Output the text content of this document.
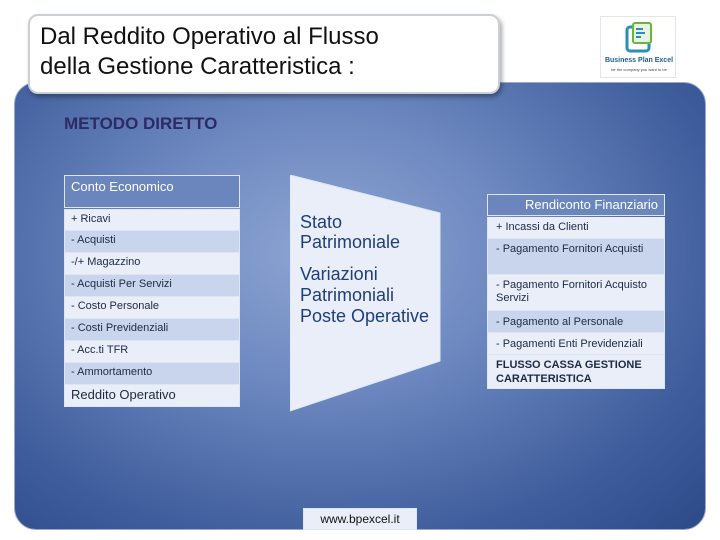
Dal Reddito Operativo al Flusso
della Gestione Caratteristica :	Business Plan Excel
be the company you want to be
METODO DIRETTO
Conto Economico
+ Ricavi
- Acquisti
-/+ Magazzino
- Acquisti Per Servizi
- Costo Personale
- Costi Previdenziali
- Acc.ti TFR
- Ammortamento
Reddito Operativo
Stato Patrimoniale
Variazioni Patrimoniali Poste Operative
Rendiconto Finanziario
+ Incassi da Clienti
- Pagamento Fornitori Acquisti
- Pagamento Fornitori Acquisto Servizi
- Pagamento al Personale
- Pagamenti Enti Previdenziali
FLUSSO CASSA GESTIONE CARATTERISTICA
www.bpexcel.it
